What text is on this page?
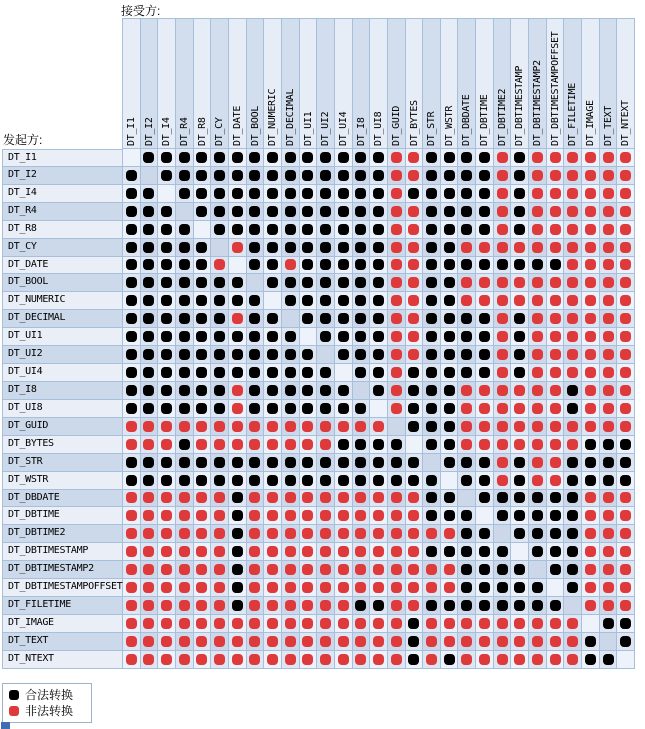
接受方:
发起方:	DT_I1 DT_I2 DT_I4 DT_R4 DT_R8 DT_CY DT_DATE DT_BOOL DT_NUMERIC DT_DECIMAL DT_UI1 DT_UI2 DT_UI4 DT_I8 DT_UI8 DT_GUID DT_BYTES DT_STR DT_WSTR DT_DBDATE DT_DBTIME DT_DBTIME2 DT_DBTIMESTAMP DT_DBTIMESTAMP2 DT_DBTIMESTAMPOFFSET DT_FILETIME DT_IMAGE DT_TEXT DT_NTEXT
DT_I1
DT_I2
DT_I4
DT_R4
DT_R8
DT_CY
DT_DATE
DT_BOOL
DT_NUMERIC
DT_DECIMAL
DT_UI1
DT_UI2
DT_UI4
DT_I8
DT_UI8
DT_GUID
DT_BYTES
DT_STR
DT_WSTR
DT_DBDATE
DT_DBTIME
DT_DBTIME2
DT_DBTIMESTAMP
DT_DBTIMESTAMP2
DT_DBTIMESTAMPOFFSET
DT_FILETIME
DT_IMAGE
DT_TEXT
DT_NTEXT
合法转换
非法转换
